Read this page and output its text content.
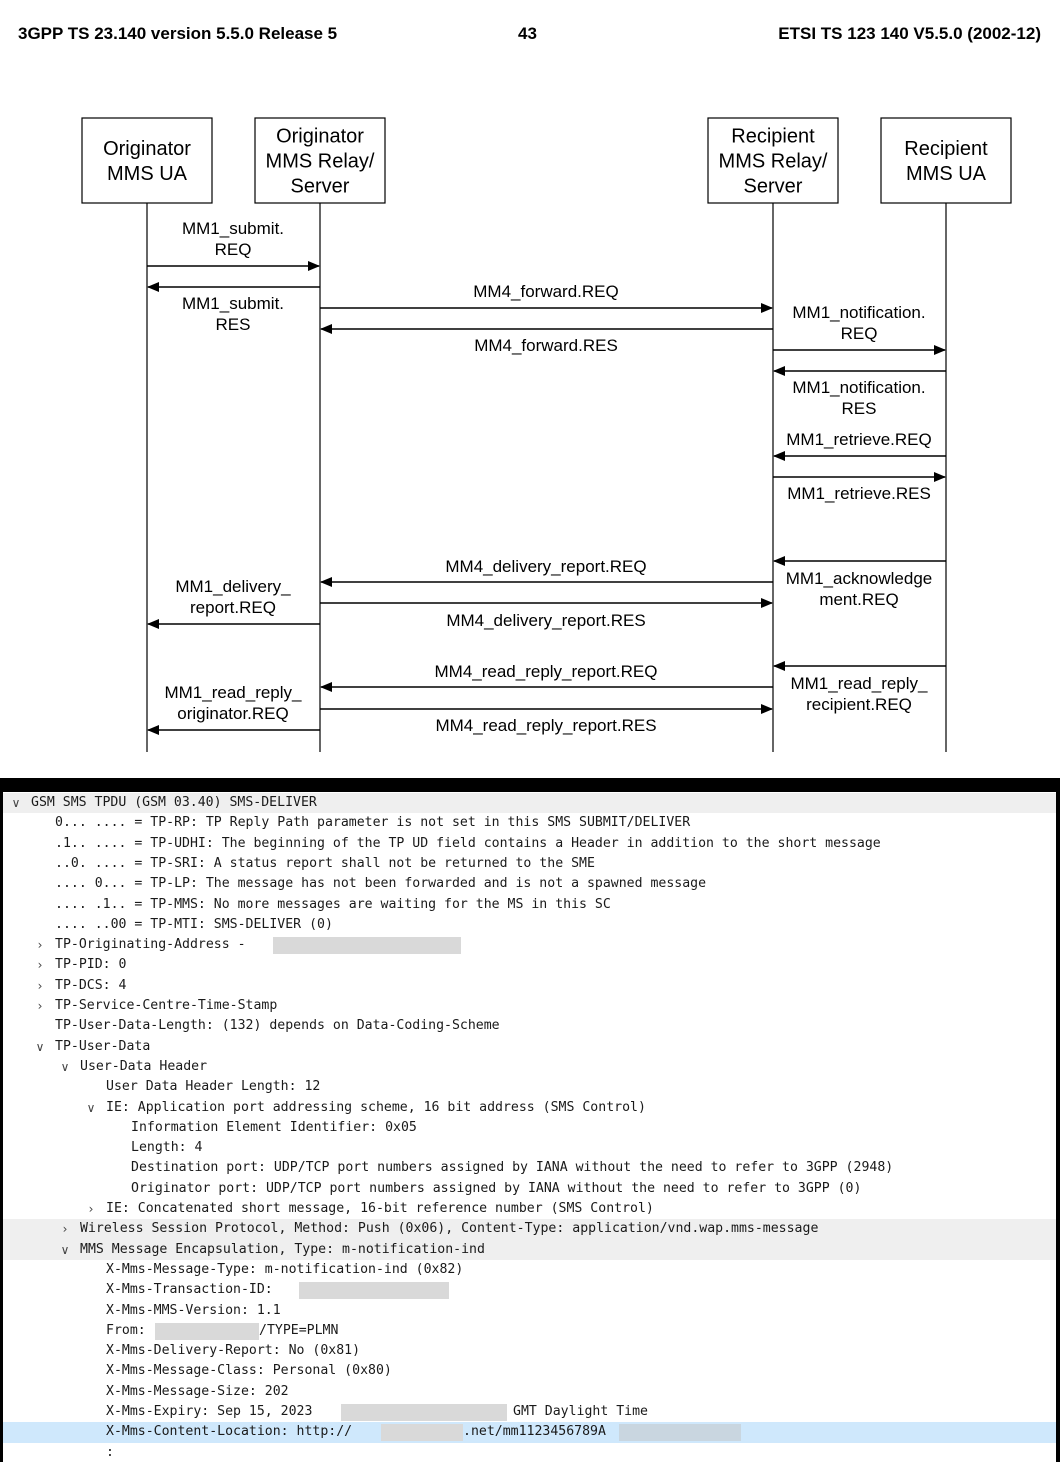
3GPP TS 23.140 version 5.5.0 Release 5	43	ETSI TS 123 140 V5.5.0 (2002-12)
Originator
MMS UA
Originator
MMS Relay/
Server
Recipient
MMS Relay/
Server
Recipient
MMS UA
MM1_submit.
REQ
MM1_submit.
RES
MM4_forward.REQ
MM4_forward.RES
MM1_notification.
REQ
MM1_notification.
RES
MM1_retrieve.REQ
MM1_retrieve.RES
MM4_delivery_report.REQ
MM1_acknowledge
ment.REQ
MM1_delivery_
report.REQ
MM4_delivery_report.RES
MM4_read_reply_report.REQ
MM1_read_reply_
recipient.REQ
MM1_read_reply_
originator.REQ
MM4_read_reply_report.RES
∨ GSM SMS TPDU (GSM 03.40) SMS-DELIVER
0... .... = TP-RP: TP Reply Path parameter is not set in this SMS SUBMIT/DELIVER
.1.. .... = TP-UDHI: The beginning of the TP UD field contains a Header in addition to the short message
..0. .... = TP-SRI: A status report shall not be returned to the SME
.... 0... = TP-LP: The message has not been forwarded and is not a spawned message
.... .1.. = TP-MMS: No more messages are waiting for the MS in this SC
.... ..00 = TP-MTI: SMS-DELIVER (0)
› TP-Originating-Address -
› TP-PID: 0
› TP-DCS: 4
› TP-Service-Centre-Time-Stamp
TP-User-Data-Length: (132) depends on Data-Coding-Scheme
∨ TP-User-Data
∨ User-Data Header
User Data Header Length: 12
∨ IE: Application port addressing scheme, 16 bit address (SMS Control)
Information Element Identifier: 0x05
Length: 4
Destination port: UDP/TCP port numbers assigned by IANA without the need to refer to 3GPP (2948)
Originator port: UDP/TCP port numbers assigned by IANA without the need to refer to 3GPP (0)
› IE: Concatenated short message, 16-bit reference number (SMS Control)
› Wireless Session Protocol, Method: Push (0x06), Content-Type: application/vnd.wap.mms-message
∨ MMS Message Encapsulation, Type: m-notification-ind
X-Mms-Message-Type: m-notification-ind (0x82)
X-Mms-Transaction-ID:
X-Mms-MMS-Version: 1.1
From:	/TYPE=PLMN
X-Mms-Delivery-Report: No (0x81)
X-Mms-Message-Class: Personal (0x80)
X-Mms-Message-Size: 202
X-Mms-Expiry: Sep 15, 2023	GMT Daylight Time
X-Mms-Content-Location: http://	.net/mm1123456789A
:
